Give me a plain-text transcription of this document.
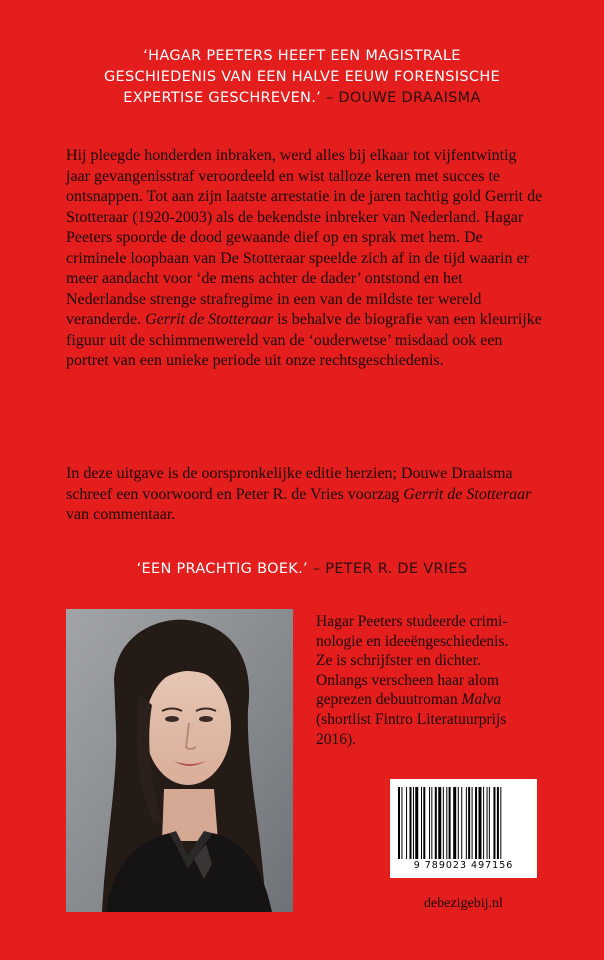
‘HAGAR PEETERS HEEFT EEN MAGISTRALE
GESCHIEDENIS VAN EEN HALVE EEUW FORENSISCHE
EXPERTISE GESCHREVEN.’ – DOUWE DRAAISMA
Hij pleegde honderden inbraken, werd alles bij elkaar tot vijfentwintig jaar gevangenisstraf veroordeeld en wist talloze keren met succes te ontsnappen. Tot aan zijn laatste arrestatie in de jaren tachtig gold Gerrit de Stotteraar (1920-2003) als de bekendste inbreker van Nederland. Hagar Peeters spoorde de dood gewaande dief op en sprak met hem. De criminele loopbaan van De Stotteraar speelde zich af in de tijd waarin er meer aandacht voor ‘de mens achter de dader’ ontstond en het Nederlandse strenge strafregime in een van de mildste ter wereld veranderde. Gerrit de Stotteraar is behalve de biografie van een kleurrijke figuur uit de schimmenwereld van de ‘ouderwetse’ misdaad ook een portret van een unieke periode uit onze rechtsgeschiedenis.
In deze uitgave is de oorspronkelijke editie herzien; Douwe Draaisma schreef een voorwoord en Peter R. de Vries voorzag Gerrit de Stotteraar van commentaar.
‘EEN PRACHTIG BOEK.’ – PETER R. DE VRIES
Hagar Peeters studeerde crimi-
nologie en ideeëngeschiedenis.
Ze is schrijfster en dichter.
Onlangs verscheen haar alom
geprezen debuutroman Malva
(shortlist Fintro Literatuurprijs
2016).
9 789023 497156
debezigebij.nl
